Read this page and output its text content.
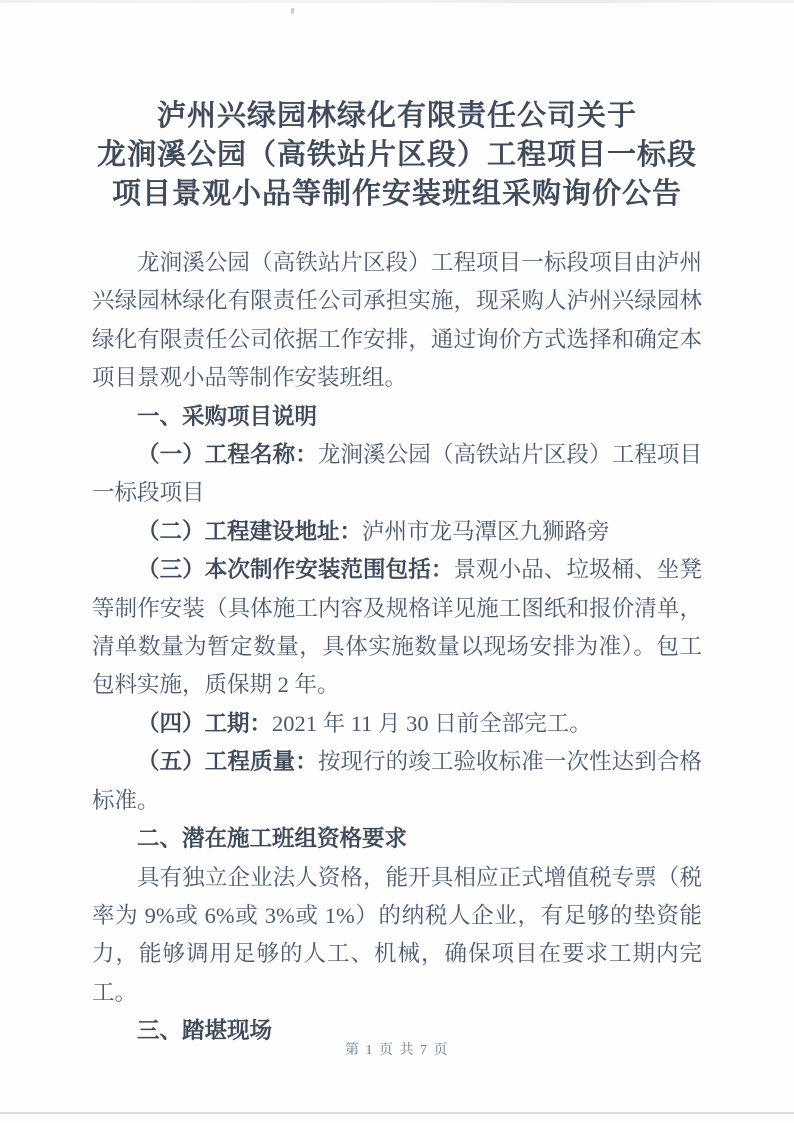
泸州兴绿园林绿化有限责任公司关于
龙涧溪公园（高铁站片区段）工程项目一标段
项目景观小品等制作安装班组采购询价公告

龙涧溪公园（高铁站片区段）工程项目一标段项目由泸州兴绿园林绿化有限责任公司承担实施，现采购人泸州兴绿园林绿化有限责任公司依据工作安排，通过询价方式选择和确定本项目景观小品等制作安装班组。

一、采购项目说明

（一）工程名称：龙涧溪公园（高铁站片区段）工程项目一标段项目

（二）工程建设地址：泸州市龙马潭区九狮路旁

（三）本次制作安装范围包括：景观小品、垃圾桶、坐凳等制作安装（具体施工内容及规格详见施工图纸和报价清单，清单数量为暂定数量，具体实施数量以现场安排为准）。包工包料实施，质保期 2 年。

（四）工期：2021 年 11 月 30 日前全部完工。

（五）工程质量：按现行的竣工验收标准一次性达到合格标准。

二、潜在施工班组资格要求

具有独立企业法人资格，能开具相应正式增值税专票（税率为 9%或 6%或 3%或 1%）的纳税人企业，有足够的垫资能力，能够调用足够的人工、机械，确保项目在要求工期内完工。

三、踏堪现场

第 1 页 共 7 页
